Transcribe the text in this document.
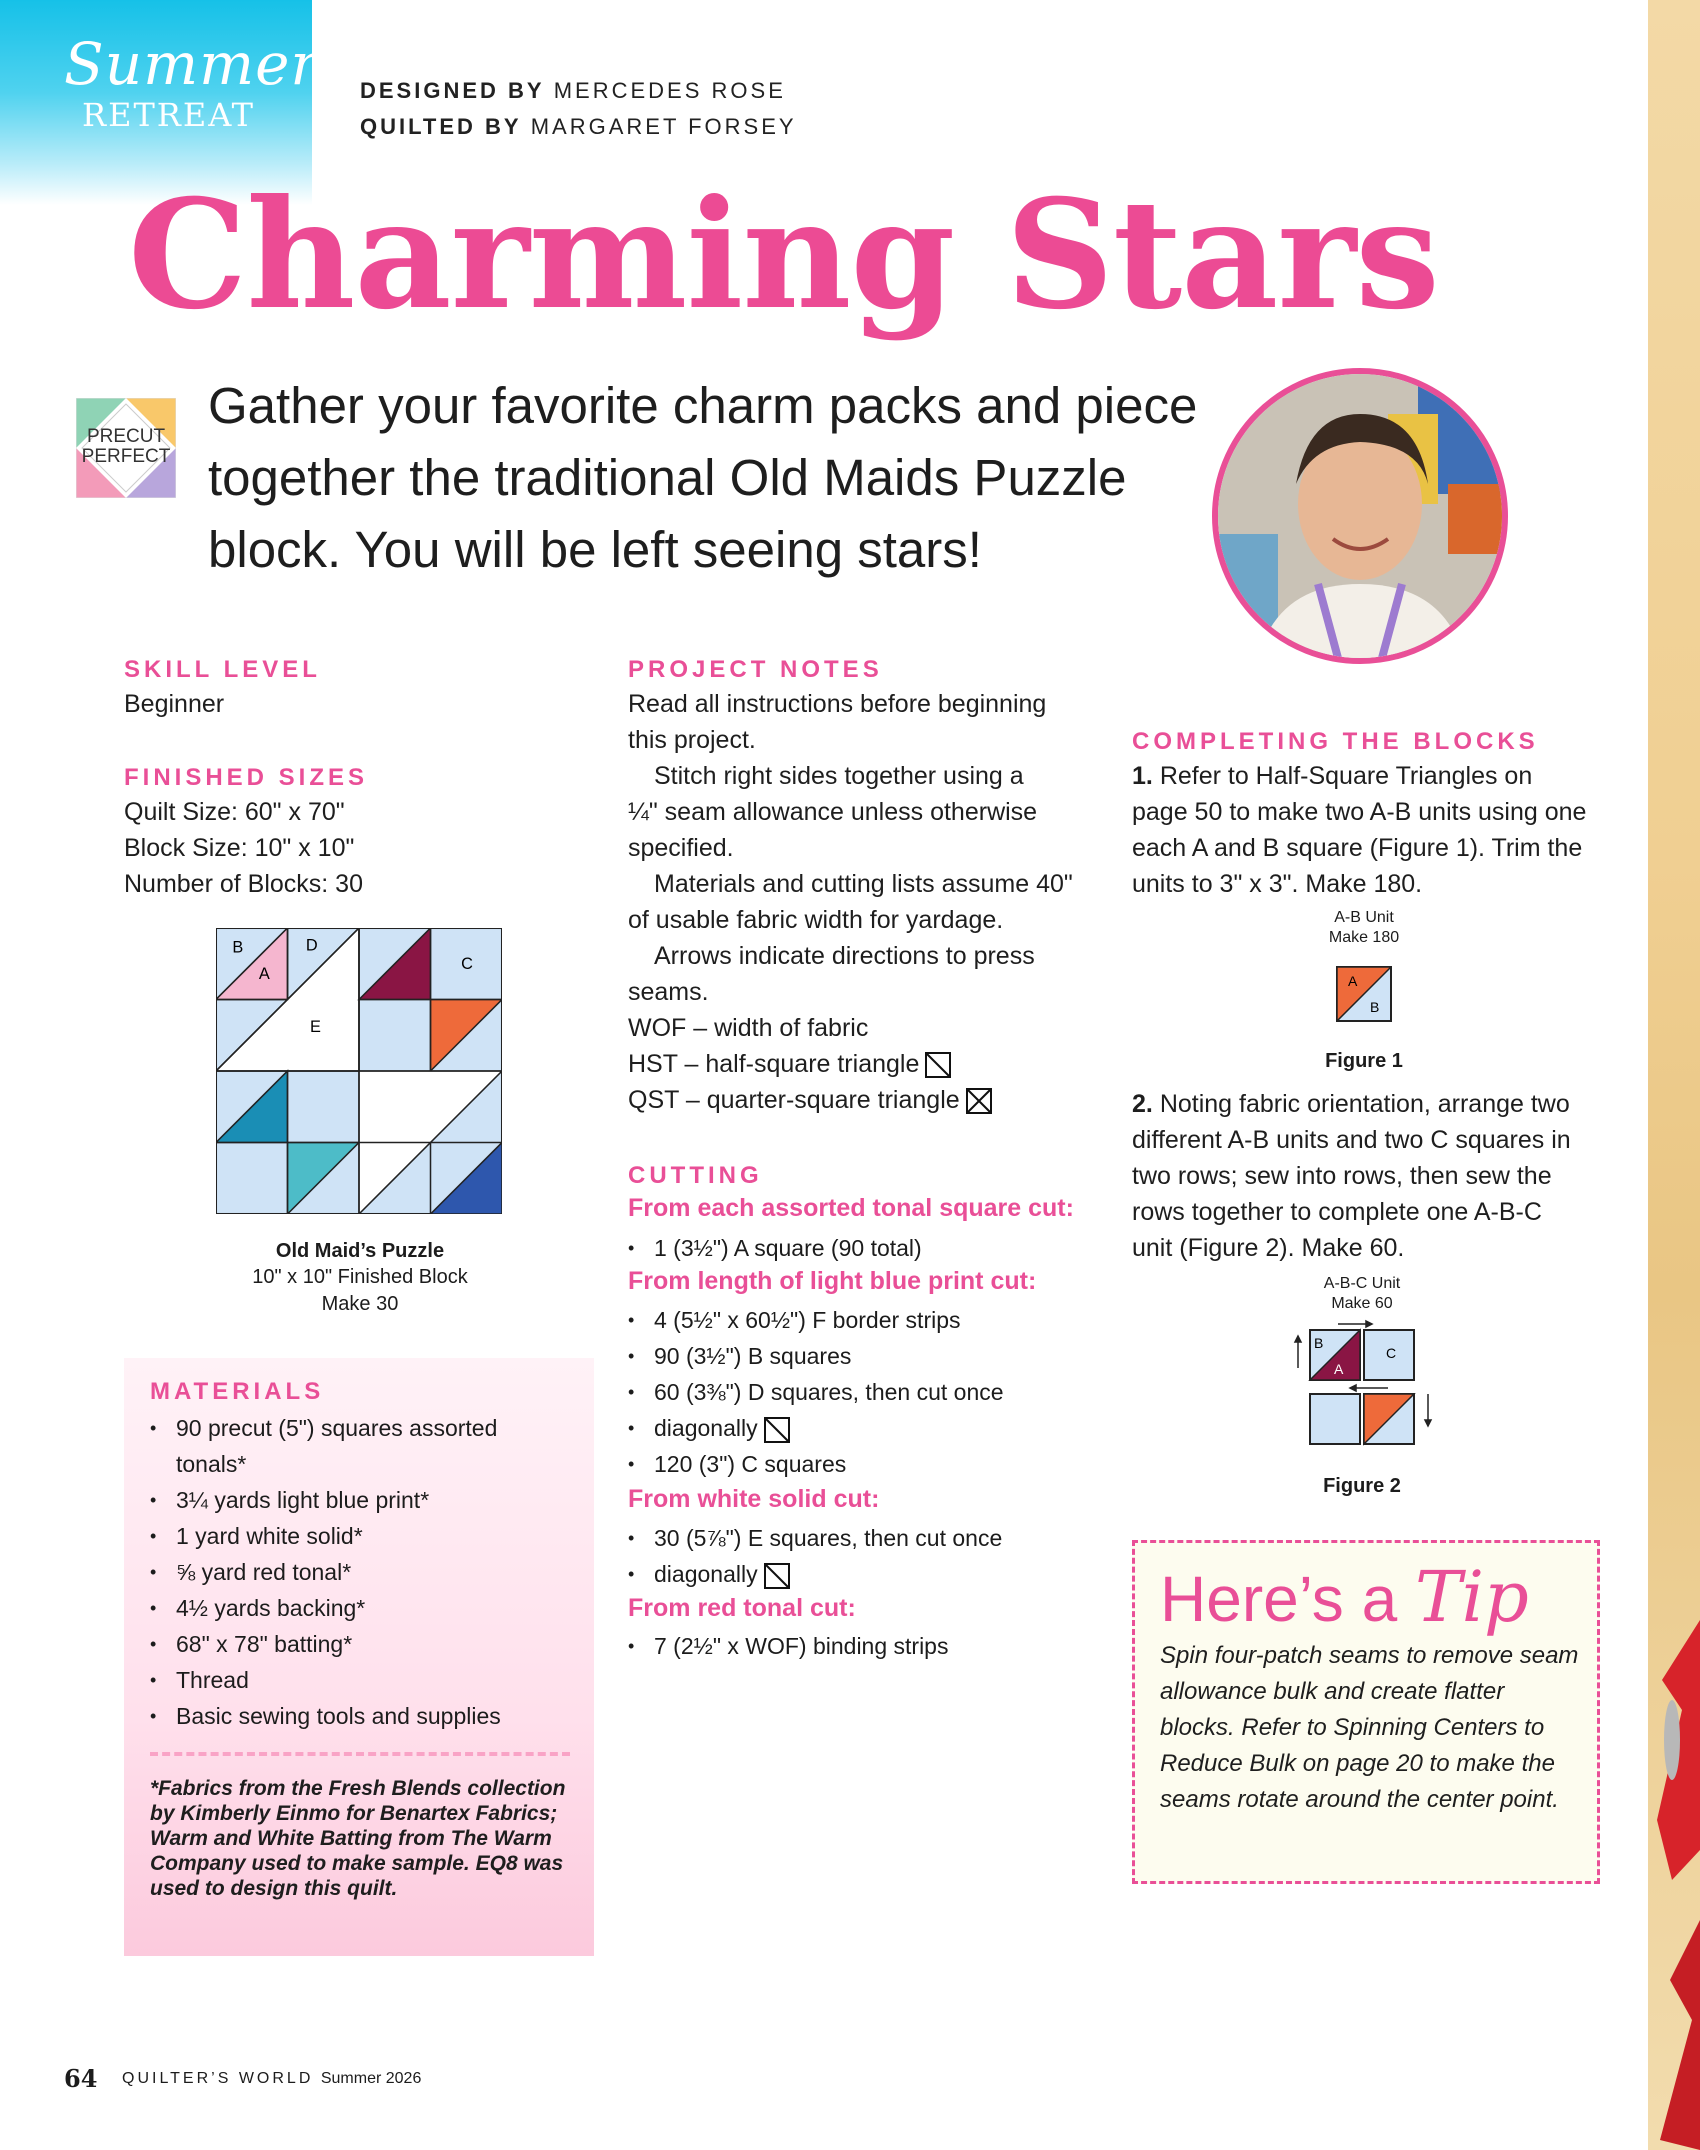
Summer
RETREAT
DESIGNED BY MERCEDES ROSE
QUILTED BY MARGARET FORSEY
Charming Stars
PRECUT
PERFECT
Gather your favorite charm packs and piece together the traditional Old Maids Puzzle block. You will be left seeing stars!
SKILL LEVEL
Beginner
FINISHED SIZES
Quilt Size: 60" x 70"
Block Size: 10" x 10"
Number of Blocks: 30
B
A
D
C
E
Old Maid’s Puzzle
10" x 10" Finished Block
Make 30
MATERIALS
• 90 precut (5") squares assorted tonals*
• 3¼ yards light blue print*
• 1 yard white solid*
• ⅝ yard red tonal*
• 4½ yards backing*
• 68" x 78" batting*
• Thread
• Basic sewing tools and supplies
*Fabrics from the Fresh Blends collection by Kimberly Einmo for Benartex Fabrics; Warm and White Batting from The Warm Company used to make sample. EQ8 was used to design this quilt.
PROJECT NOTES
Read all instructions before beginning
this project.
Stitch right sides together using a
¼" seam allowance unless otherwise
specified.
Materials and cutting lists assume 40"
of usable fabric width for yardage.
Arrows indicate directions to press
seams.
WOF – width of fabric
HST – half-square triangle
QST – quarter-square triangle
CUTTING
From each assorted tonal square cut:
• 1 (3½") A square (90 total)
From length of light blue print cut:
• 4 (5½" x 60½") F border strips
• 90 (3½") B squares
• 60 (3⅜") D squares, then cut once
• diagonally
• 120 (3") C squares
From white solid cut:
• 30 (5⅞") E squares, then cut once
• diagonally
From red tonal cut:
• 7 (2½" x WOF) binding strips
COMPLETING THE BLOCKS
1. Refer to Half-Square Triangles on
page 50 to make two A-B units using one
each A and B square (Figure 1). Trim the
units to 3" x 3". Make 180.
A-B Unit
Make 180
A
B
Figure 1
2. Noting fabric orientation, arrange two
different A-B units and two C squares in
two rows; sew into rows, then sew the
rows together to complete one A-B-C
unit (Figure 2). Make 60.
A-B-C Unit
Make 60
B
A
C
Figure 2
Here’s a Tip
Spin four-patch seams to remove seam allowance bulk and create flatter blocks. Refer to Spinning Centers to Reduce Bulk on page 20 to make the seams rotate around the center point.
64 QUILTER’S WORLD Summer 2026
